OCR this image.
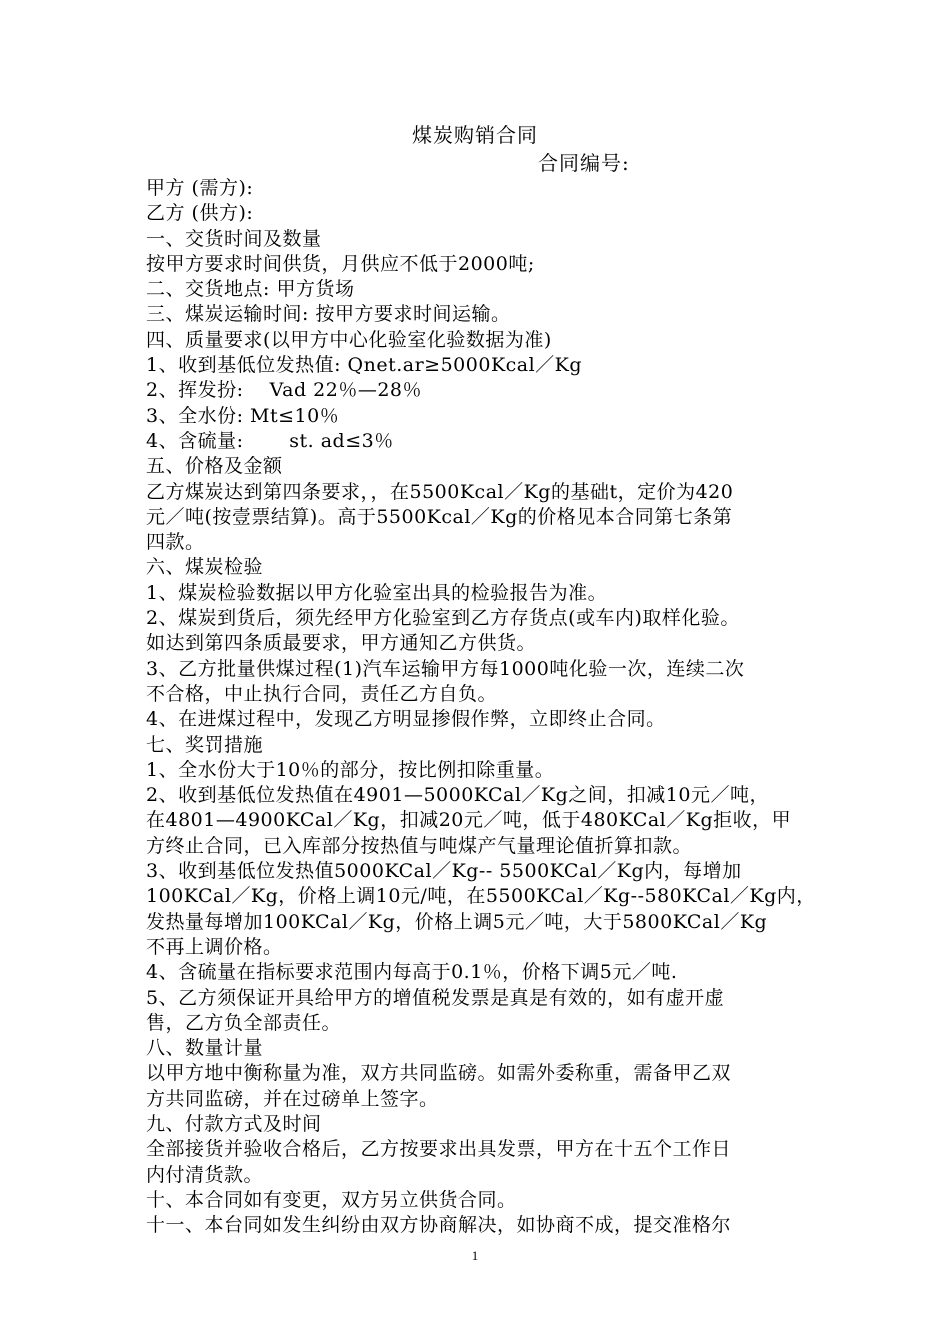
煤炭购销合同
合同编号:
甲方 (需方):
乙方 (供方):
一、交货时间及数量
按甲方要求时间供货，月供应不低于2000吨;
二、交货地点: 甲方货场
三、煤炭运输时间: 按甲方要求时间运输。
四、质量要求(以甲方中心化验室化验数据为准)
1、收到基低位发热值: Qnet.ar≥5000Kcal／Kg
2、挥发扮:    Vad 22％—28％
3、全水份: Mt≤10％
4、含硫量:       st. ad≤3％
五、价格及金额
乙方煤炭达到第四条要求，，在5500Kcal／Kg的基础t，定价为420
元／吨(按壹票结算)。高于5500Kcal／Kg的价格见本合同第七条第
四款。
六、煤炭检验
1、煤炭检验数据以甲方化验室出具的检验报告为准。
2、煤炭到货后，须先经甲方化验室到乙方存货点(或车内)取样化验。
如达到第四条质最要求，甲方通知乙方供货。
3、乙方批量供煤过程(1)汽车运输甲方每1000吨化验一次，连续二次
不合格，中止执行合同，责任乙方自负。
4、在进煤过程中，发现乙方明显掺假作弊，立即终止合同。
七、奖罚措施
1、全水份大于10％的部分，按比例扣除重量。
2、收到基低位发热值在4901—5000KCal／Kg之间，扣减10元／吨，
在4801—4900KCal／Kg，扣减20元／吨，低于480KCal／Kg拒收，甲
方终止合同，已入库部分按热值与吨煤产气量理论值折算扣款。
3、收到基低位发热值5000KCal／Kg-- 5500KCal／Kg内，每增加
100KCal／Kg，价格上调10元/吨，在5500KCal／Kg--580KCal／Kg内，
发热量每增加100KCal／Kg，价格上调5元／吨，大于5800KCal／Kg
不再上调价格。
4、含硫量在指标要求范围内每高于0.1％，价格下调5元／吨.
5、乙方须保证开具给甲方的增值税发票是真是有效的，如有虚开虚
售，乙方负全部责任。
八、数量计量
以甲方地中衡称量为准，双方共同监磅。如需外委称重，需备甲乙双
方共同监磅，并在过磅单上签字。
九、付款方式及时间
全部接货并验收合格后，乙方按要求出具发票，甲方在十五个工作日
内付清货款。
十、本合同如有变更，双方另立供货合同。
十一、本台同如发生纠纷由双方协商解决，如协商不成，提交准格尔
1
